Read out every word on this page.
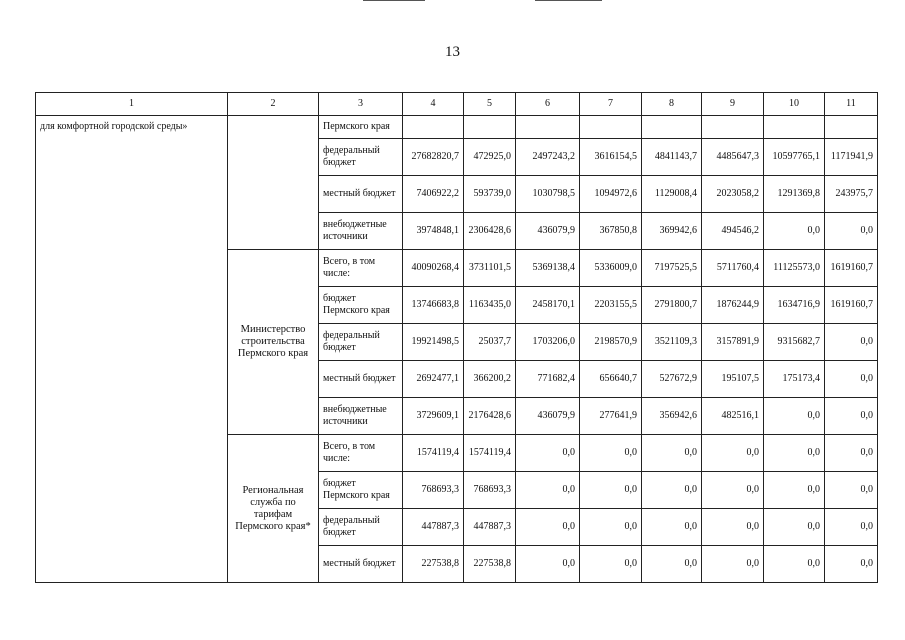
13
1	2	3	4	5	6	7	8	9	10	11
для комфортной городской среды»		Пермского края								
		федеральный бюджет	27682820,7	472925,0	2497243,2	3616154,5	4841143,7	4485647,3	10597765,1	1171941,9
		местный бюджет	7406922,2	593739,0	1030798,5	1094972,6	1129008,4	2023058,2	1291369,8	243975,7
		внебюджетные источники	3974848,1	2306428,6	436079,9	367850,8	369942,6	494546,2	0,0	0,0
	Министерство строительства Пермского края	Всего, в том числе:	40090268,4	3731101,5	5369138,4	5336009,0	7197525,5	5711760,4	11125573,0	1619160,7
		бюджет Пермского края	13746683,8	1163435,0	2458170,1	2203155,5	2791800,7	1876244,9	1634716,9	1619160,7
		федеральный бюджет	19921498,5	25037,7	1703206,0	2198570,9	3521109,3	3157891,9	9315682,7	0,0
		местный бюджет	2692477,1	366200,2	771682,4	656640,7	527672,9	195107,5	175173,4	0,0
		внебюджетные источники	3729609,1	2176428,6	436079,9	277641,9	356942,6	482516,1	0,0	0,0
	Региональная служба по тарифам Пермского края*	Всего, в том числе:	1574119,4	1574119,4	0,0	0,0	0,0	0,0	0,0	0,0
		бюджет Пермского края	768693,3	768693,3	0,0	0,0	0,0	0,0	0,0	0,0
		федеральный бюджет	447887,3	447887,3	0,0	0,0	0,0	0,0	0,0	0,0
		местный бюджет	227538,8	227538,8	0,0	0,0	0,0	0,0	0,0	0,0
